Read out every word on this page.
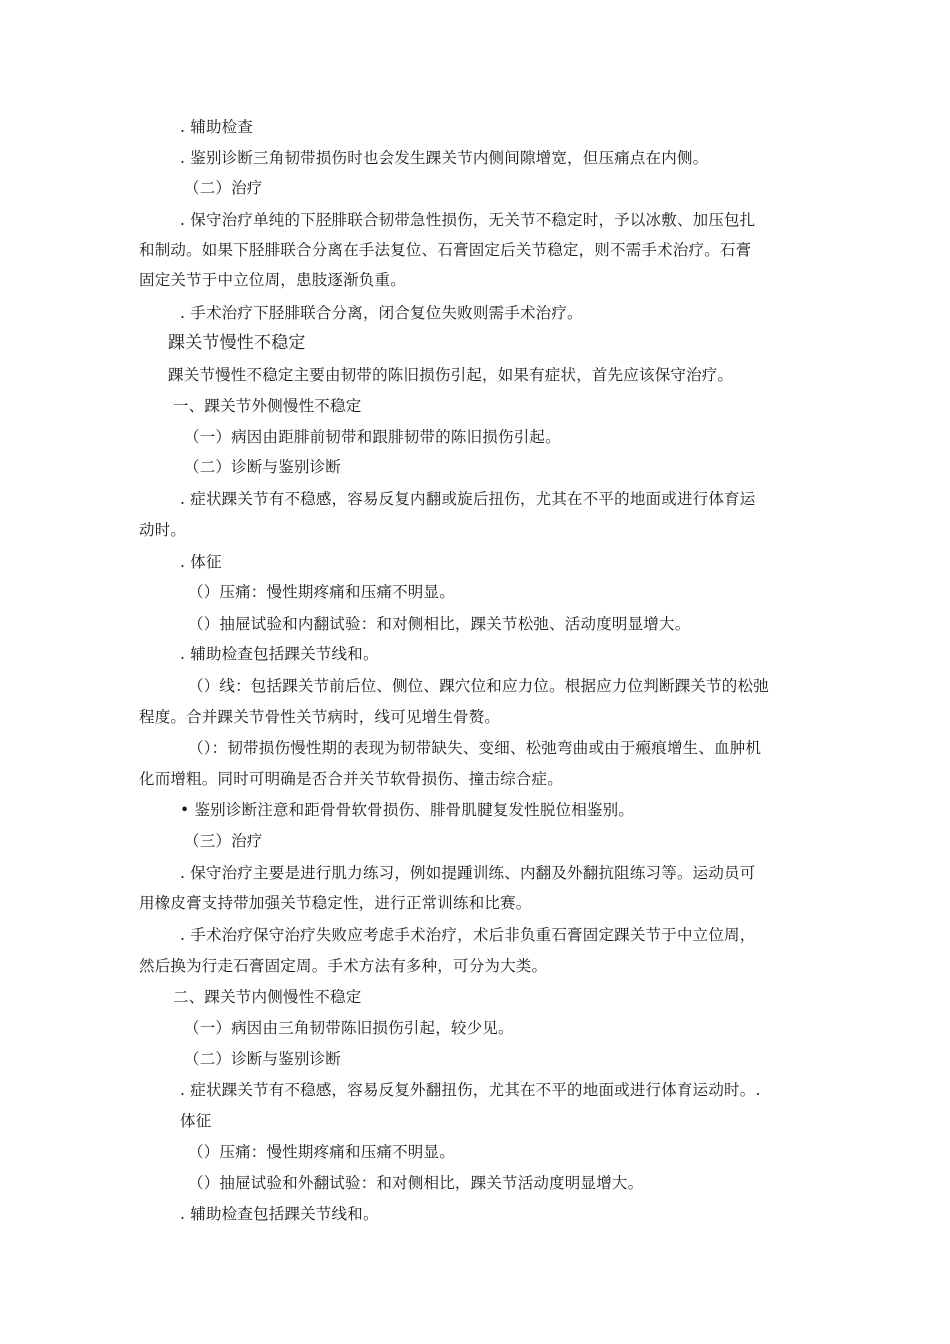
. 辅助检查
. 鉴别诊断三角韧带损伤时也会发生踝关节内侧间隙增宽，但压痛点在内侧。
（二）治疗
. 保守治疗单纯的下胫腓联合韧带急性损伤，无关节不稳定时，予以冰敷、加压包扎
和制动。如果下胫腓联合分离在手法复位、石膏固定后关节稳定，则不需手术治疗。石膏
固定关节于中立位周，患肢逐渐负重。
. 手术治疗下胫腓联合分离，闭合复位失败则需手术治疗。
踝关节慢性不稳定
踝关节慢性不稳定主要由韧带的陈旧损伤引起，如果有症状，首先应该保守治疗。
一、踝关节外侧慢性不稳定
（一）病因由距腓前韧带和跟腓韧带的陈旧损伤引起。
（二）诊断与鉴别诊断
. 症状踝关节有不稳感，容易反复内翻或旋后扭伤，尤其在不平的地面或进行体育运
动时。
. 体征
（）压痛：慢性期疼痛和压痛不明显。
（）抽屉试验和内翻试验：和对侧相比，踝关节松弛、活动度明显增大。
. 辅助检查包括踝关节线和。
（）线：包括踝关节前后位、侧位、踝穴位和应力位。根据应力位判断踝关节的松弛
程度。合并踝关节骨性关节病时，线可见增生骨赘。
（）：韧带损伤慢性期的表现为韧带缺失、变细、松弛弯曲或由于瘢痕增生、血肿机
化而增粗。同时可明确是否合并关节软骨损伤、撞击综合症。
• 鉴别诊断注意和距骨骨软骨损伤、腓骨肌腱复发性脱位相鉴别。
（三）治疗
. 保守治疗主要是进行肌力练习，例如提踵训练、内翻及外翻抗阻练习等。运动员可
用橡皮膏支持带加强关节稳定性，进行正常训练和比赛。
. 手术治疗保守治疗失败应考虑手术治疗，术后非负重石膏固定踝关节于中立位周，
然后换为行走石膏固定周。手术方法有多种，可分为大类。
二、踝关节内侧慢性不稳定
（一）病因由三角韧带陈旧损伤引起，较少见。
（二）诊断与鉴别诊断
. 症状踝关节有不稳感，容易反复外翻扭伤，尤其在不平的地面或进行体育运动时。.
体征
（）压痛：慢性期疼痛和压痛不明显。
（）抽屉试验和外翻试验：和对侧相比，踝关节活动度明显增大。
. 辅助检查包括踝关节线和。
